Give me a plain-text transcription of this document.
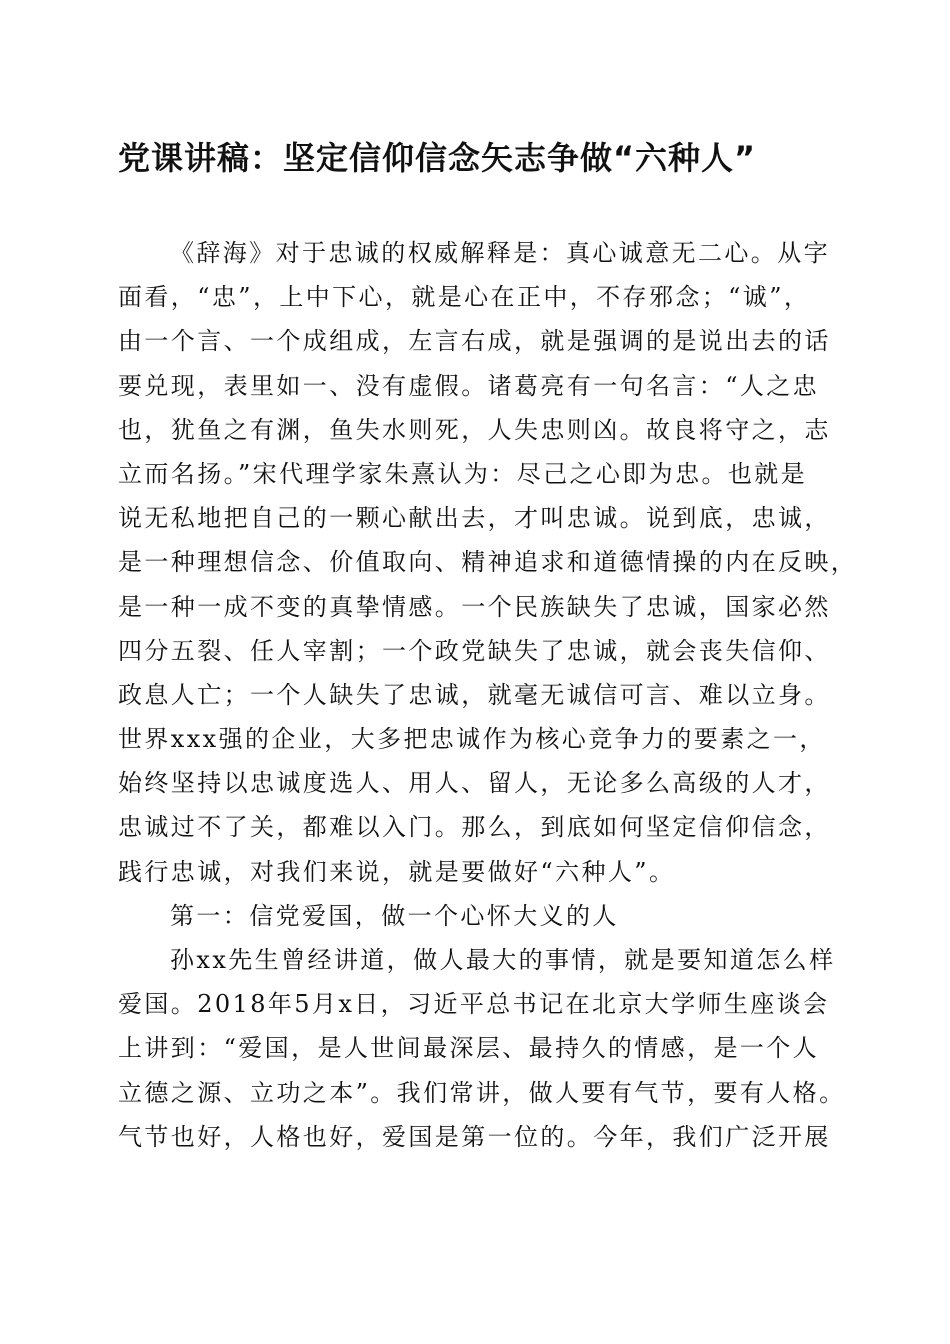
党课讲稿：坚定信仰信念矢志争做“六种人”
《辞海》对于忠诚的权威解释是：真心诚意无二心。从字
面看，“忠”，上中下心，就是心在正中，不存邪念；“诚”，
由一个言、一个成组成，左言右成，就是强调的是说出去的话
要兑现，表里如一、没有虚假。诸葛亮有一句名言：“人之忠
也，犹鱼之有渊，鱼失水则死，人失忠则凶。故良将守之，志
立而名扬。”宋代理学家朱熹认为：尽己之心即为忠。也就是
说无私地把自己的一颗心献出去，才叫忠诚。说到底，忠诚，
是一种理想信念、价值取向、精神追求和道德情操的内在反映，
是一种一成不变的真挚情感。一个民族缺失了忠诚，国家必然
四分五裂、任人宰割；一个政党缺失了忠诚，就会丧失信仰、
政息人亡；一个人缺失了忠诚，就毫无诚信可言、难以立身。
世界xxx强的企业，大多把忠诚作为核心竞争力的要素之一，
始终坚持以忠诚度选人、用人、留人，无论多么高级的人才，
忠诚过不了关，都难以入门。那么，到底如何坚定信仰信念，
践行忠诚，对我们来说，就是要做好“六种人”。
第一：信党爱国，做一个心怀大义的人
孙xx先生曾经讲道，做人最大的事情，就是要知道怎么样
爱国。2018年5月x日，习近平总书记在北京大学师生座谈会
上讲到：“爱国，是人世间最深层、最持久的情感，是一个人
立德之源、立功之本”。我们常讲，做人要有气节，要有人格。
气节也好，人格也好，爱国是第一位的。今年，我们广泛开展
